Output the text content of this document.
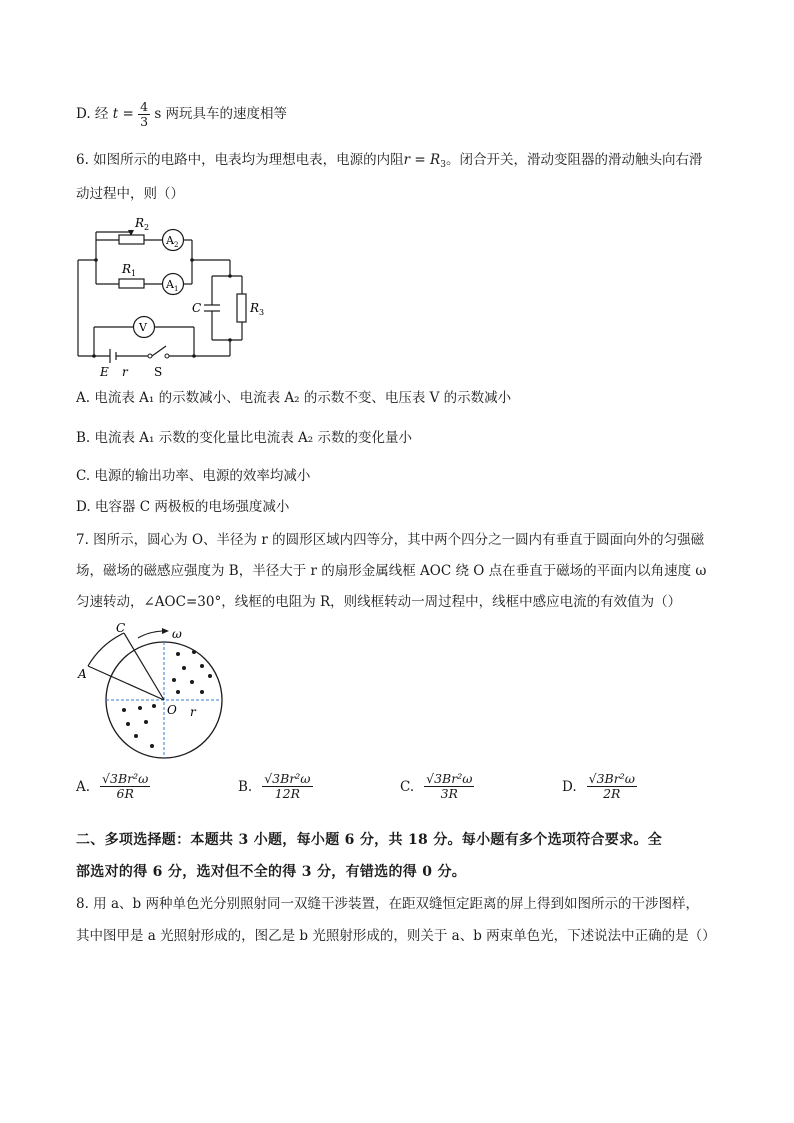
D. 经 $t = \frac{4}{3}$ s 两玩具车的速度相等
6. 如图所示的电路中，电表均为理想电表，电源的内阻$r = R_3$。闭合开关，滑动变阻器的滑动触头向右滑
动过程中，则（）
$R_2$
$A_2$
$R_1$
$A_1$
C	$R_3$
V
E r S
A. 电流表 A₁ 的示数减小、电流表 A₂ 的示数不变、电压表 V 的示数减小
B. 电流表 A₁ 示数的变化量比电流表 A₂ 示数的变化量小
C. 电源的输出功率、电源的效率均减小
D. 电容器 C 两极板的电场强度减小
7. 图所示，圆心为 O、半径为 r 的圆形区域内四等分，其中两个四分之一圆内有垂直于圆面向外的匀强磁
场，磁场的磁感应强度为 B，半径大于 r 的扇形金属线框 AOC 绕 O 点在垂直于磁场的平面内以角速度 ω
匀速转动，∠AOC=30°，线框的电阻为 R，则线框转动一周过程中，线框中感应电流的有效值为（）
C
A
O r
ω
A. $\frac{\text{√3Br²ω}}{6R}$	B. $\frac{\text{√3Br²ω}}{12R}$	C. $\frac{\text{√3Br²ω}}{3R}$	D. $\frac{\text{√3Br²ω}}{2R}$
二、多项选择题：本题共 3 小题，每小题 6 分，共 18 分。每小题有多个选项符合要求。全
部选对的得 6 分，选对但不全的得 3 分，有错选的得 0 分。
8. 用 a、b 两种单色光分别照射同一双缝干涉装置，在距双缝恒定距离的屏上得到如图所示的干涉图样，
其中图甲是 a 光照射形成的，图乙是 b 光照射形成的，则关于 a、b 两束单色光，下述说法中正确的是（）
